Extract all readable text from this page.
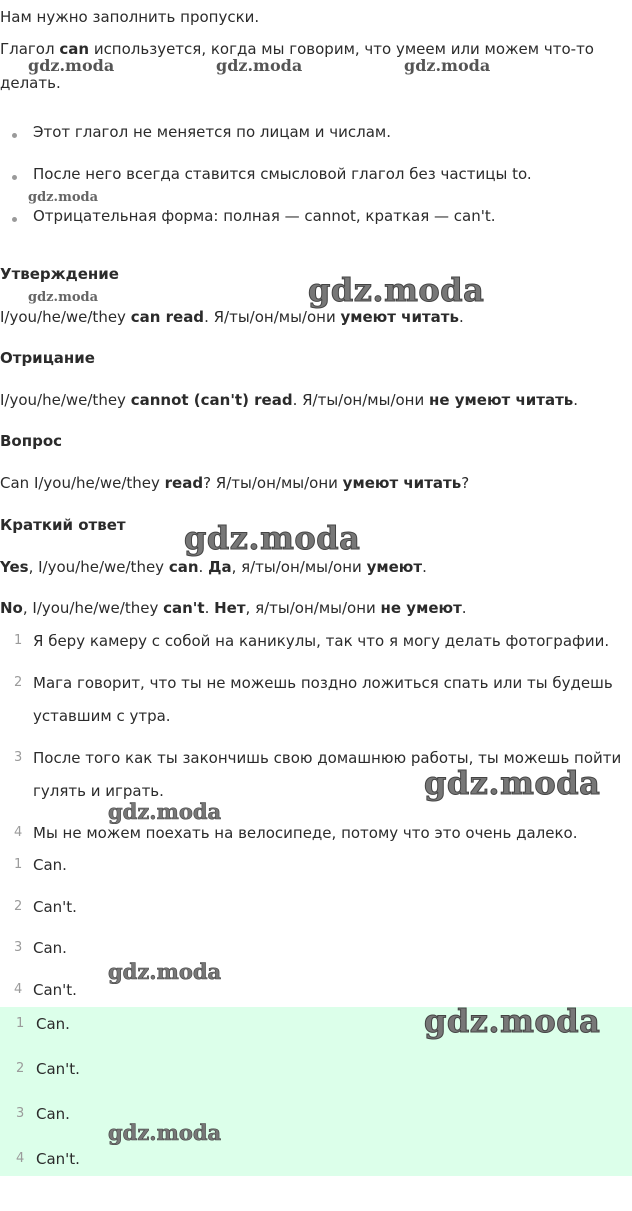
Нам нужно заполнить пропуски.
Глагол can используется, когда мы говорим, что умеем или можем что-то
делать.
Этот глагол не меняется по лицам и числам.
После него всегда ставится смысловой глагол без частицы to.
Отрицательная форма: полная — cannot, краткая — can't.
Утверждение
I/you/he/we/they can read. Я/ты/он/мы/они умеют читать.
Отрицание
I/you/he/we/they cannot (can't) read. Я/ты/он/мы/они не умеют читать.
Вопрос
Can I/you/he/we/they read? Я/ты/он/мы/они умеют читать?
Краткий ответ
Yes, I/you/he/we/they can. Да, я/ты/он/мы/они умеют.
No, I/you/he/we/they can't. Нет, я/ты/он/мы/они не умеют.
1 Я беру камеру с собой на каникулы, так что я могу делать фотографии.
2 Мага говорит, что ты не можешь поздно ложиться спать или ты будешь
уставшим с утра.
3 После того как ты закончишь свою домашнюю работы, ты можешь пойти
гулять и играть.
4 Мы не можем поехать на велосипеде, потому что это очень далеко.
1 Can.
2 Can't.
3 Can.
4 Can't.
1 Can.
2 Can't.
3 Can.
4 Can't.
gdz.moda	gdz.moda	gdz.moda
gdz.moda
gdz.moda	gdz.moda
gdz.moda
gdz.moda
gdz.moda
gdz.moda
gdz.moda
gdz.moda
